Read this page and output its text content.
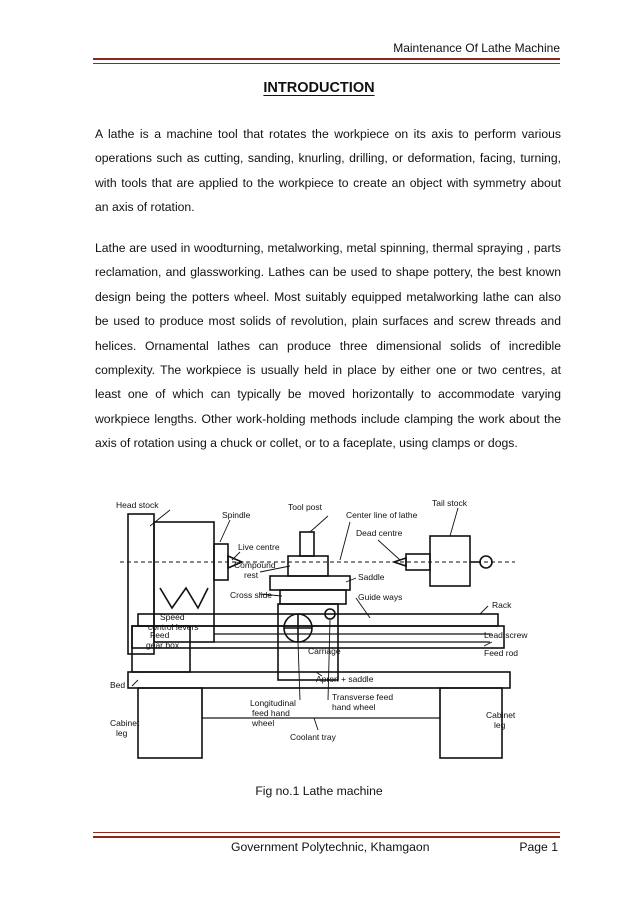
Maintenance Of Lathe Machine
INTRODUCTION

A lathe is a machine tool that rotates the workpiece on its axis to perform various operations such as cutting, sanding, knurling, drilling, or deformation, facing, turning, with tools that are applied to the workpiece to create an object with symmetry about an axis of rotation.

Lathe are used in woodturning, metalworking, metal spinning, thermal spraying , parts reclamation, and glassworking. Lathes can be used to shape pottery, the best known design being the potters wheel. Most suitably equipped metalworking lathe can also be used to produce most solids of revolution, plain surfaces and screw threads and helices. Ornamental lathes can produce three dimensional solids of incredible complexity. The workpiece is usually held in place by either one or two centres, at least one of which can typically be moved horizontally to accommodate varying workpiece lengths. Other work-holding methods include clamping the work about the axis of rotation using a chuck or collet, or to a faceplate, using clamps or dogs.

Head stock
Spindle
Tool post
Center line of lathe
Tail stock
Live centre
Dead centre
Compound
rest	Saddle
Speed
control levers
Cross slide	Guide ways
Rack
Feed
gear box
Lead screw
Carriage	Feed rod
Bed
Apron + saddle
Longitudinal
feed hand
wheel
Transverse feed
hand wheel
Cabinet
leg	Coolant tray
Cabinet
leg
Fig no.1 Lathe machine
Government Polytechnic, Khamgaon	Page 1
